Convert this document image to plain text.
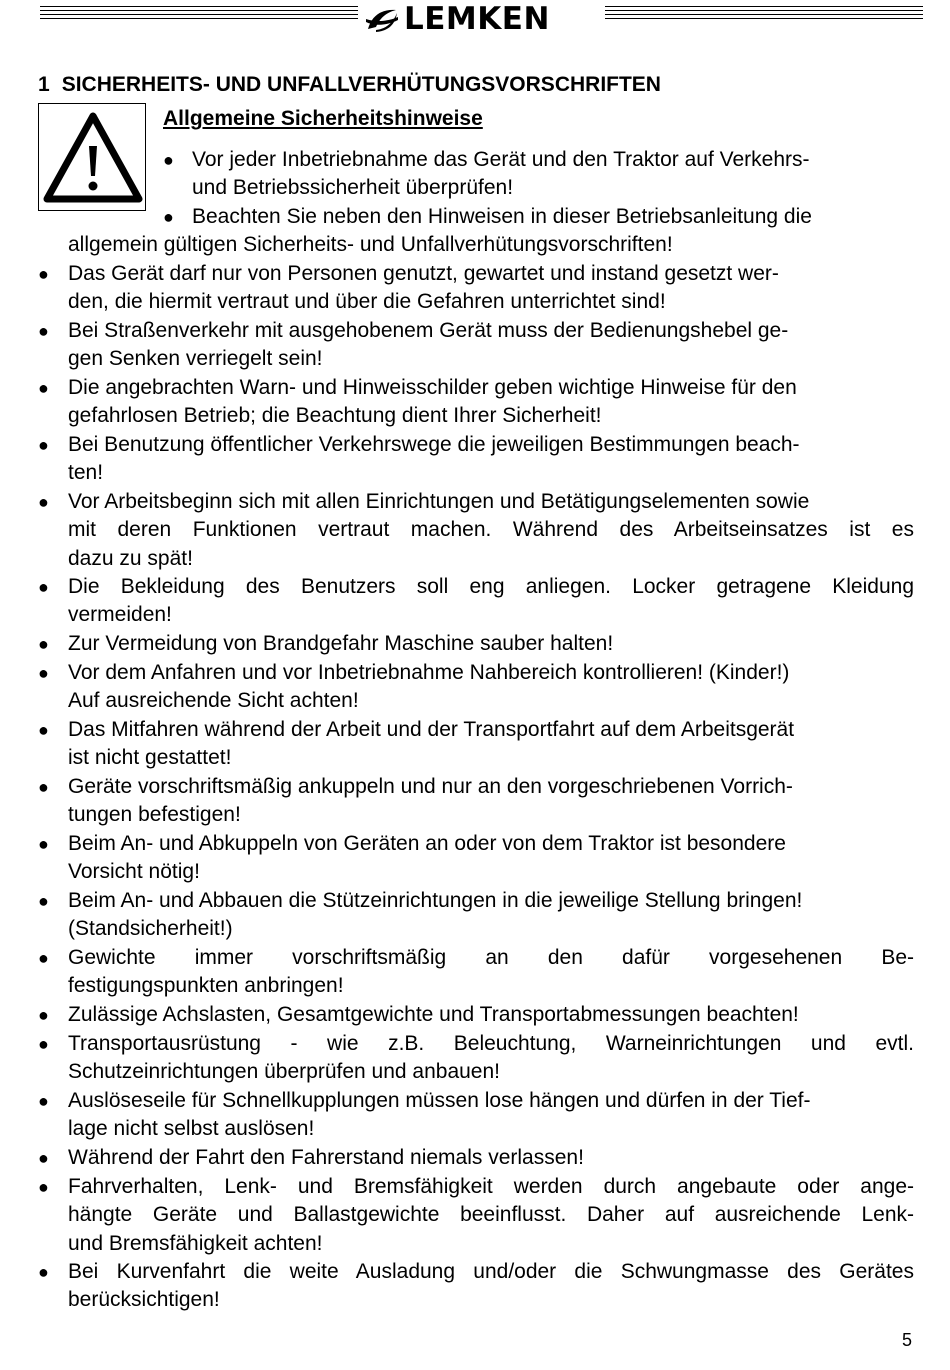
LEMKEN
1 SICHERHEITS- UND UNFALLVERHÜTUNGSVORSCHRIFTEN
Allgemeine Sicherheitshinweise
● Vor jeder Inbetriebnahme das Gerät und den Traktor auf Verkehrs-
und Betriebssicherheit überprüfen!
● Beachten Sie neben den Hinweisen in dieser Betriebsanleitung die
allgemein gültigen Sicherheits- und Unfallverhütungsvorschriften!
● Das Gerät darf nur von Personen genutzt, gewartet und instand gesetzt wer-
den, die hiermit vertraut und über die Gefahren unterrichtet sind!
● Bei Straßenverkehr mit ausgehobenem Gerät muss der Bedienungshebel ge-
gen Senken verriegelt sein!
● Die angebrachten Warn- und Hinweisschilder geben wichtige Hinweise für den
gefahrlosen Betrieb; die Beachtung dient Ihrer Sicherheit!
● Bei Benutzung öffentlicher Verkehrswege die jeweiligen Bestimmungen beach-
ten!
● Vor Arbeitsbeginn sich mit allen Einrichtungen und Betätigungselementen sowie
mit deren Funktionen vertraut machen. Während des Arbeitseinsatzes ist es
dazu zu spät!
● Die Bekleidung des Benutzers soll eng anliegen. Locker getragene Kleidung
vermeiden!
● Zur Vermeidung von Brandgefahr Maschine sauber halten!
● Vor dem Anfahren und vor Inbetriebnahme Nahbereich kontrollieren! (Kinder!)
Auf ausreichende Sicht achten!
● Das Mitfahren während der Arbeit und der Transportfahrt auf dem Arbeitsgerät
ist nicht gestattet!
● Geräte vorschriftsmäßig ankuppeln und nur an den vorgeschriebenen Vorrich-
tungen befestigen!
● Beim An- und Abkuppeln von Geräten an oder von dem Traktor ist besondere
Vorsicht nötig!
● Beim An- und Abbauen die Stützeinrichtungen in die jeweilige Stellung bringen!
(Standsicherheit!)
● Gewichte immer vorschriftsmäßig an den dafür vorgesehenen Be-
festigungspunkten anbringen!
● Zulässige Achslasten, Gesamtgewichte und Transportabmessungen beachten!
● Transportausrüstung - wie z.B. Beleuchtung, Warneinrichtungen und evtl.
Schutzeinrichtungen überprüfen und anbauen!
● Auslöseseile für Schnellkupplungen müssen lose hängen und dürfen in der Tief-
lage nicht selbst auslösen!
● Während der Fahrt den Fahrerstand niemals verlassen!
● Fahrverhalten, Lenk- und Bremsfähigkeit werden durch angebaute oder ange-
hängte Geräte und Ballastgewichte beeinflusst. Daher auf ausreichende Lenk-
und Bremsfähigkeit achten!
● Bei Kurvenfahrt die weite Ausladung und/oder die Schwungmasse des Gerätes
berücksichtigen!
5
